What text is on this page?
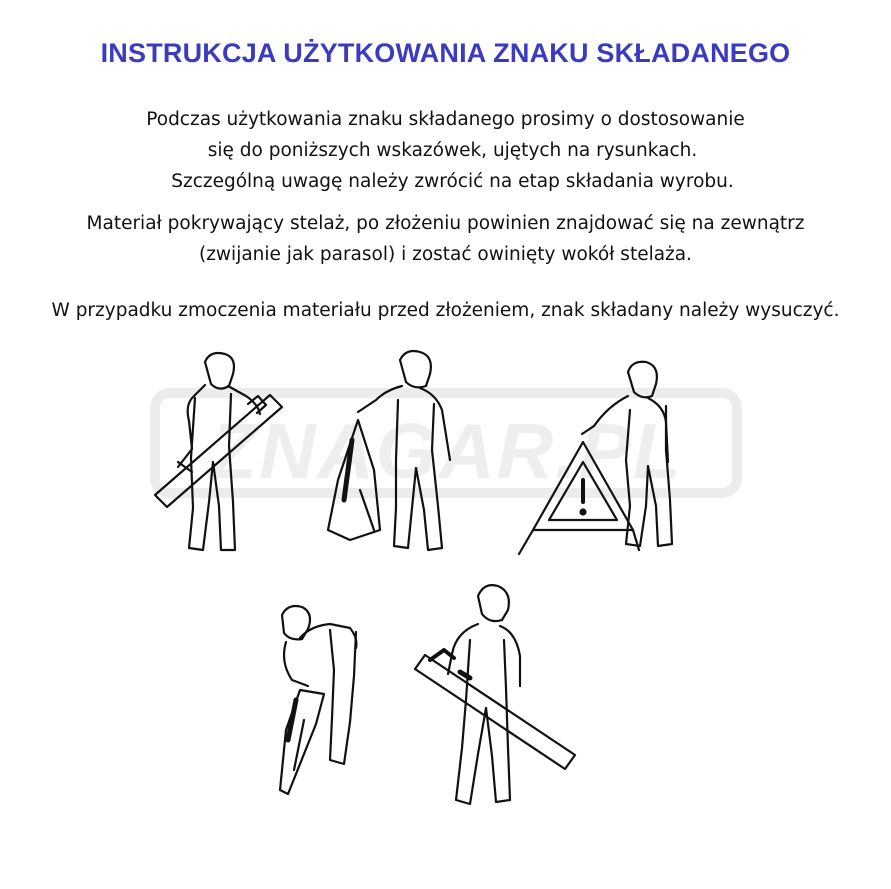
INSTRUKCJA UŻYTKOWANIA ZNAKU SKŁADANEGO
Podczas użytkowania znaku składanego prosimy o dostosowanie
się do poniższych wskazówek, ujętych na rysunkach.
Szczególną uwagę należy zwrócić na etap składania wyrobu.
Materiał pokrywający stelaż, po złożeniu powinien znajdować się na zewnątrz
(zwijanie jak parasol) i zostać owinięty wokół stelaża.
W przypadku zmoczenia materiału przed złożeniem, znak składany należy wysuczyć.
ZNAGAR.PL
